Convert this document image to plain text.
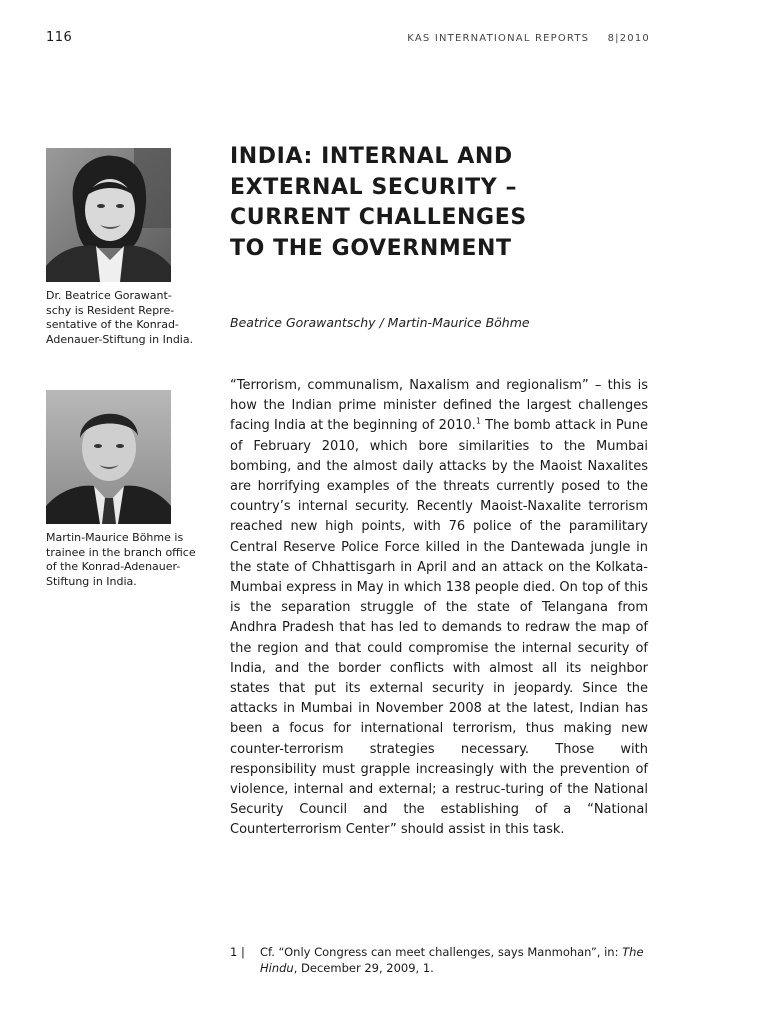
116	KAS INTERNATIONAL REPORTS 8|2010
Dr. Beatrice Gorawant-schy is Resident Repre-sentative of the Konrad-Adenauer-Stiftung in India.
Martin-Maurice Böhme is trainee in the branch office of the Konrad-Adenauer-Stiftung in India.
INDIA: INTERNAL AND
EXTERNAL SECURITY –
CURRENT CHALLENGES
TO THE GOVERNMENT
Beatrice Gorawantschy / Martin-Maurice Böhme

“Terrorism, communalism, Naxalism and regionalism” – this is how the Indian prime minister defined the largest challenges facing India at the beginning of 2010.$^1$ The bomb attack in Pune of February 2010, which bore similarities to the Mumbai bombing, and the almost daily attacks by the Maoist Naxalites are horrifying examples of the threats currently posed to the country’s internal security. Recently Maoist-Naxalite terrorism reached new high points, with 76 police of the paramilitary Central Reserve Police Force killed in the Dantewada jungle in the state of Chhattisgarh in April and an attack on the Kolkata-Mumbai express in May in which 138 people died. On top of this is the separation struggle of the state of Telangana from Andhra Pradesh that has led to demands to redraw the map of the region and that could compromise the internal security of India, and the border conflicts with almost all its neighbor states that put its external security in jeopardy. Since the attacks in Mumbai in November 2008 at the latest, Indian has been a focus for international terrorism, thus making new counter-terrorism strategies necessary. Those with responsibility must grapple increasingly with the prevention of violence, internal and external; a restruc-turing of the National Security Council and the establishing of a “National Counterterrorism Center” should assist in this task.

1 |	Cf. “Only Congress can meet challenges, says Manmohan”, in: The Hindu, December 29, 2009, 1.
